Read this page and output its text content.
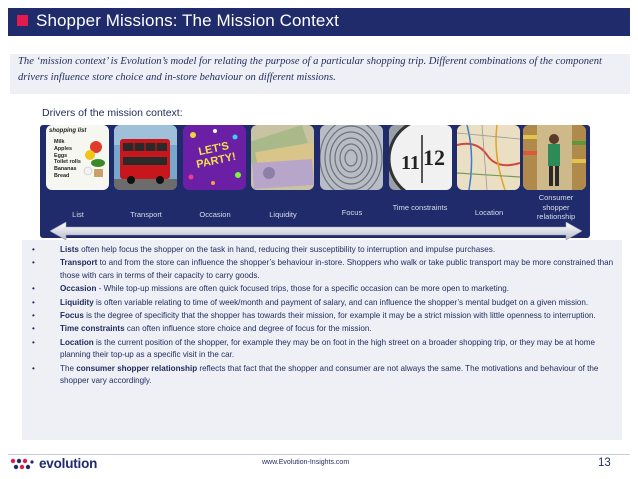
Shopper Missions: The Mission Context

The ‘mission context’ is Evolution’s model for relating the purpose of a particular shopping trip. Different combinations of the component drivers influence store choice and in-store behaviour on different missions.

Drivers of the mission context:
shopping list
Milk
Apples
Eggs
Toilet rolls
Bananas
Bread
LET'S PARTY!	11 12
List	Transport	Occasion	Liquidity	Focus
Time constraints
Location
Consumer shopper relationship
• Lists often help focus the shopper on the task in hand, reducing their susceptibility to interruption and impulse purchases.
• Transport to and from the store can influence the shopper’s behaviour in-store. Shoppers who walk or take public transport may be more constrained than those with cars in terms of their capacity to carry goods.
• Occasion - While top-up missions are often quick focused trips, those for a specific occasion can be more open to marketing.
• Liquidity is often variable relating to time of week/month and payment of salary, and can influence the shopper’s mental budget on a given mission.
• Focus is the degree of specificity that the shopper has towards their mission, for example it may be a strict mission with little openness to interruption.
• Time constraints can often influence store choice and degree of focus for the mission.
• Location is the current position of the shopper, for example they may be on foot in the high street on a broader shopping trip, or they may be at home planning their top-up as a specific visit in the car.
• The consumer shopper relationship reflects that fact that the shopper and consumer are not always the same. The motivations and behaviour of the shopper vary accordingly.
evolution	www.Evolution-Insights.com	13
